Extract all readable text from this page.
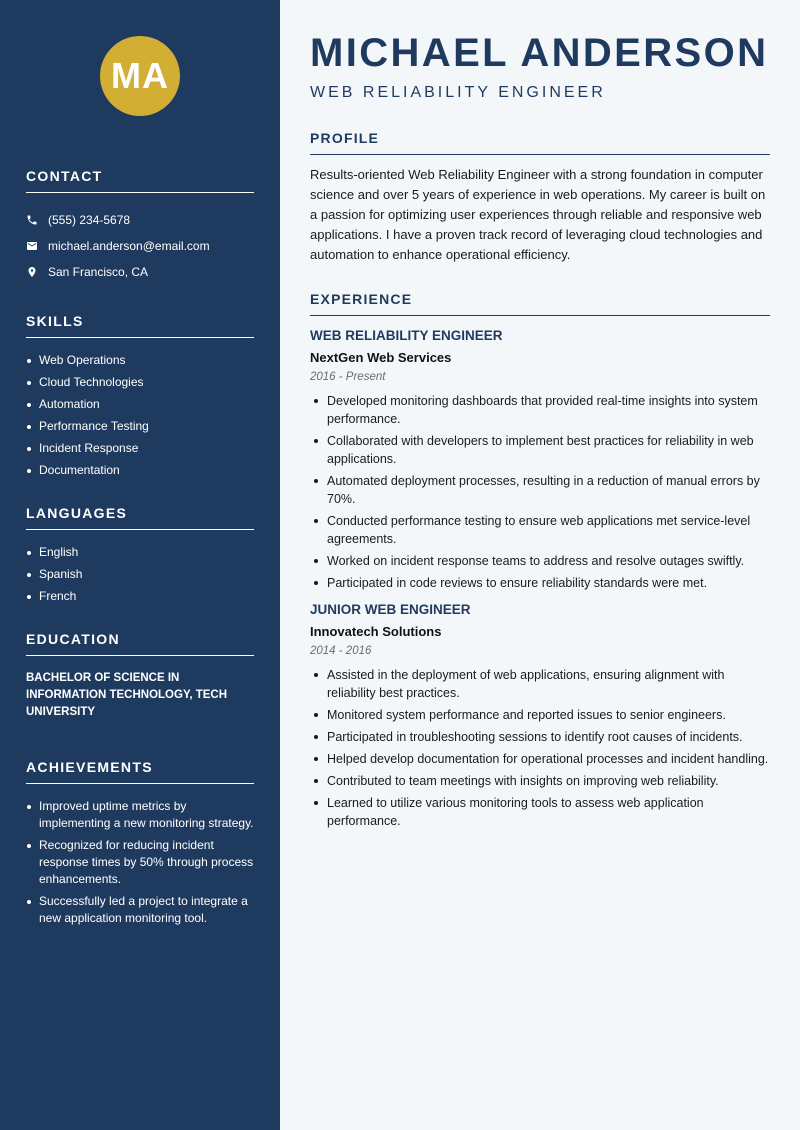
MA
CONTACT
(555) 234-5678
michael.anderson@email.com
San Francisco, CA
SKILLS
Web Operations
Cloud Technologies
Automation
Performance Testing
Incident Response
Documentation
LANGUAGES
English
Spanish
French
EDUCATION
BACHELOR OF SCIENCE IN INFORMATION TECHNOLOGY, TECH UNIVERSITY
ACHIEVEMENTS
Improved uptime metrics by implementing a new monitoring strategy.
Recognized for reducing incident response times by 50% through process enhancements.
Successfully led a project to integrate a new application monitoring tool.
MICHAEL ANDERSON
WEB RELIABILITY ENGINEER
PROFILE

Results-oriented Web Reliability Engineer with a strong foundation in computer science and over 5 years of experience in web operations. My career is built on a passion for optimizing user experiences through reliable and responsive web applications. I have a proven track record of leveraging cloud technologies and automation to enhance operational efficiency.

EXPERIENCE
WEB RELIABILITY ENGINEER
NextGen Web Services
2016 - Present
Developed monitoring dashboards that provided real-time insights into system performance.
Collaborated with developers to implement best practices for reliability in web applications.
Automated deployment processes, resulting in a reduction of manual errors by 70%.
Conducted performance testing to ensure web applications met service-level agreements.
Worked on incident response teams to address and resolve outages swiftly.
Participated in code reviews to ensure reliability standards were met.
JUNIOR WEB ENGINEER
Innovatech Solutions
2014 - 2016
Assisted in the deployment of web applications, ensuring alignment with reliability best practices.
Monitored system performance and reported issues to senior engineers.
Participated in troubleshooting sessions to identify root causes of incidents.
Helped develop documentation for operational processes and incident handling.
Contributed to team meetings with insights on improving web reliability.
Learned to utilize various monitoring tools to assess web application performance.
